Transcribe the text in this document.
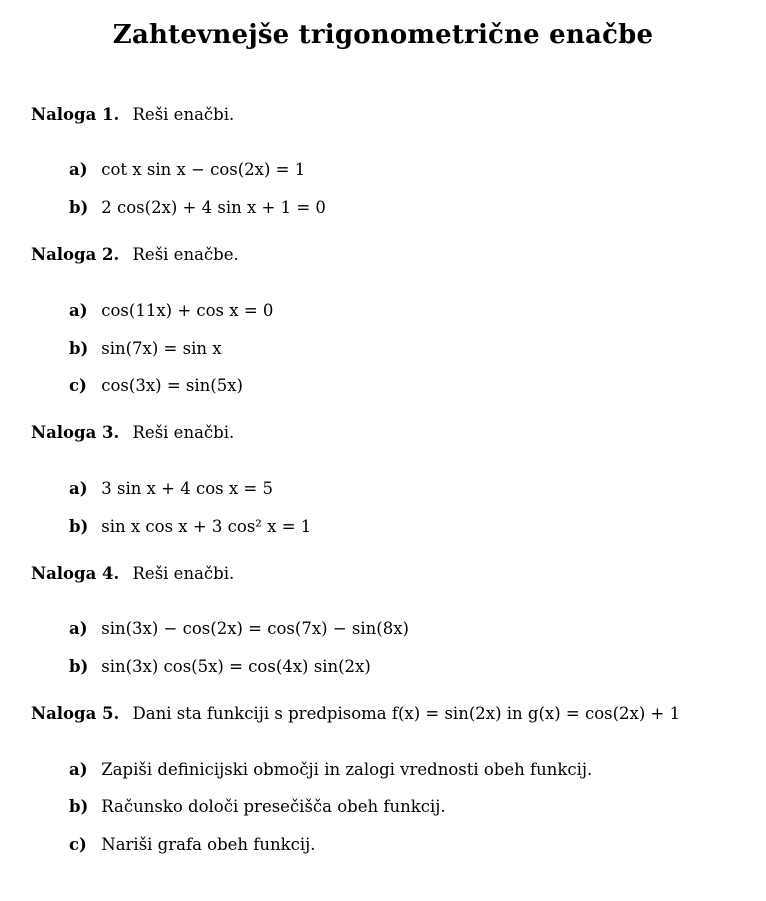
Zahtevnejše trigonometrične enačbe
Naloga 1. Reši enačbi.
a) cot x sin x − cos(2x) = 1
b) 2 cos(2x) + 4 sin x + 1 = 0
Naloga 2. Reši enačbe.
a) cos(11x) + cos x = 0
b) sin(7x) = sin x
c) cos(3x) = sin(5x)
Naloga 3. Reši enačbi.
a) 3 sin x + 4 cos x = 5
b) sin x cos x + 3 cos² x = 1
Naloga 4. Reši enačbi.
a) sin(3x) − cos(2x) = cos(7x) − sin(8x)
b) sin(3x) cos(5x) = cos(4x) sin(2x)
Naloga 5. Dani sta funkciji s predpisoma f(x) = sin(2x) in g(x) = cos(2x) + 1
a) Zapiši definicijski območji in zalogi vrednosti obeh funkcij.
b) Računsko določi presečišča obeh funkcij.
c) Nariši grafa obeh funkcij.
